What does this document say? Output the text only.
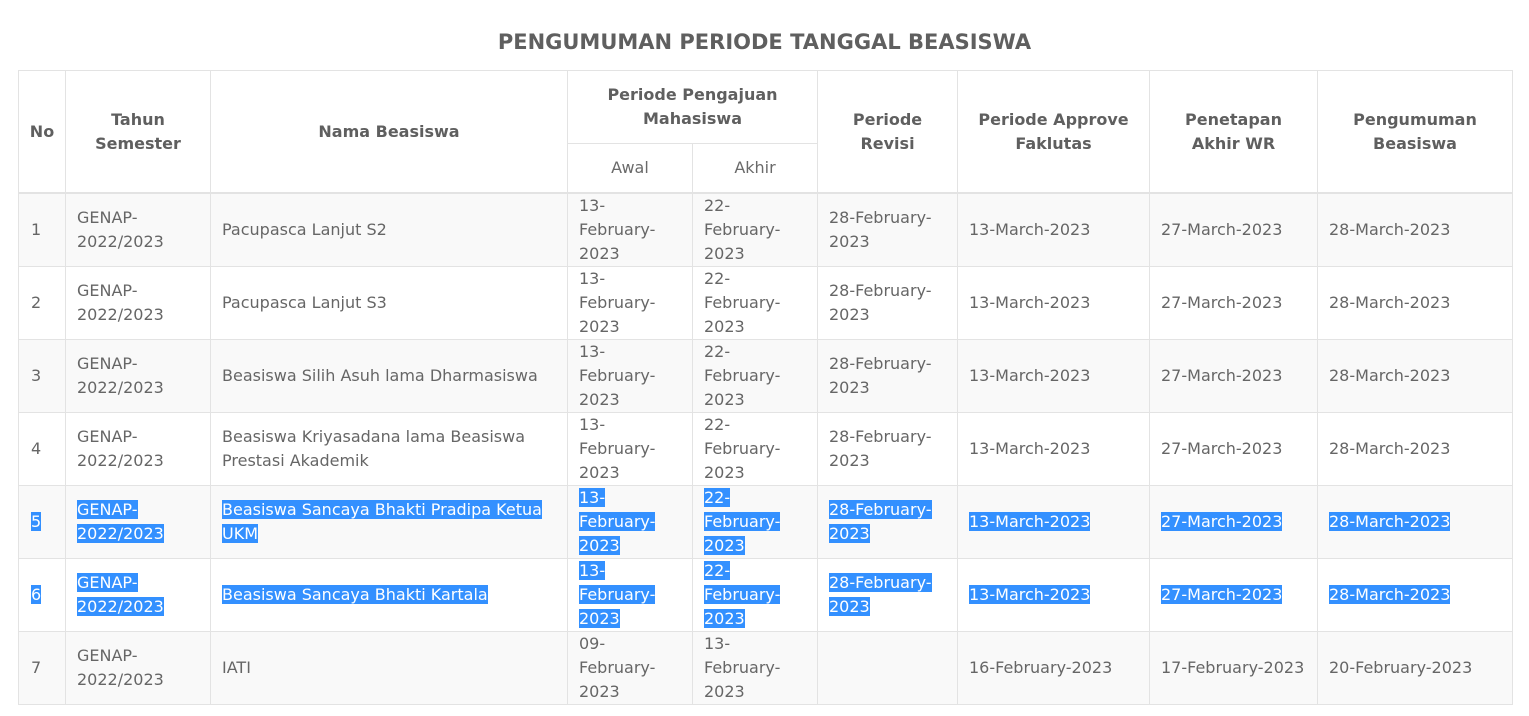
PENGUMUMAN PERIODE TANGGAL BEASISWA
No	Tahun Semester	Nama Beasiswa	Periode Pengajuan Mahasiswa		Periode Revisi	Periode Approve Faklutas	Penetapan Akhir WR	Pengumuman Beasiswa
			Awal	Akhir				
1	GENAP-2022/2023	Pacupasca Lanjut S2	13-February-2023	22-February-2023	28-February-2023	13-March-2023	27-March-2023	28-March-2023
2	GENAP-2022/2023	Pacupasca Lanjut S3	13-February-2023	22-February-2023	28-February-2023	13-March-2023	27-March-2023	28-March-2023
3	GENAP-2022/2023	Beasiswa Silih Asuh lama Dharmasiswa	13-February-2023	22-February-2023	28-February-2023	13-March-2023	27-March-2023	28-March-2023
4	GENAP-2022/2023	Beasiswa Kriyasadana lama Beasiswa Prestasi Akademik	13-February-2023	22-February-2023	28-February-2023	13-March-2023	27-March-2023	28-March-2023
5	GENAP-2022/2023	Beasiswa Sancaya Bhakti Pradipa Ketua UKM	13-February-2023	22-February-2023	28-February-2023	13-March-2023	27-March-2023	28-March-2023
6	GENAP-2022/2023	Beasiswa Sancaya Bhakti Kartala	13-February-2023	22-February-2023	28-February-2023	13-March-2023	27-March-2023	28-March-2023
7	GENAP-2022/2023	IATI	09-February-2023	13-February-2023		16-February-2023	17-February-2023	20-February-2023
